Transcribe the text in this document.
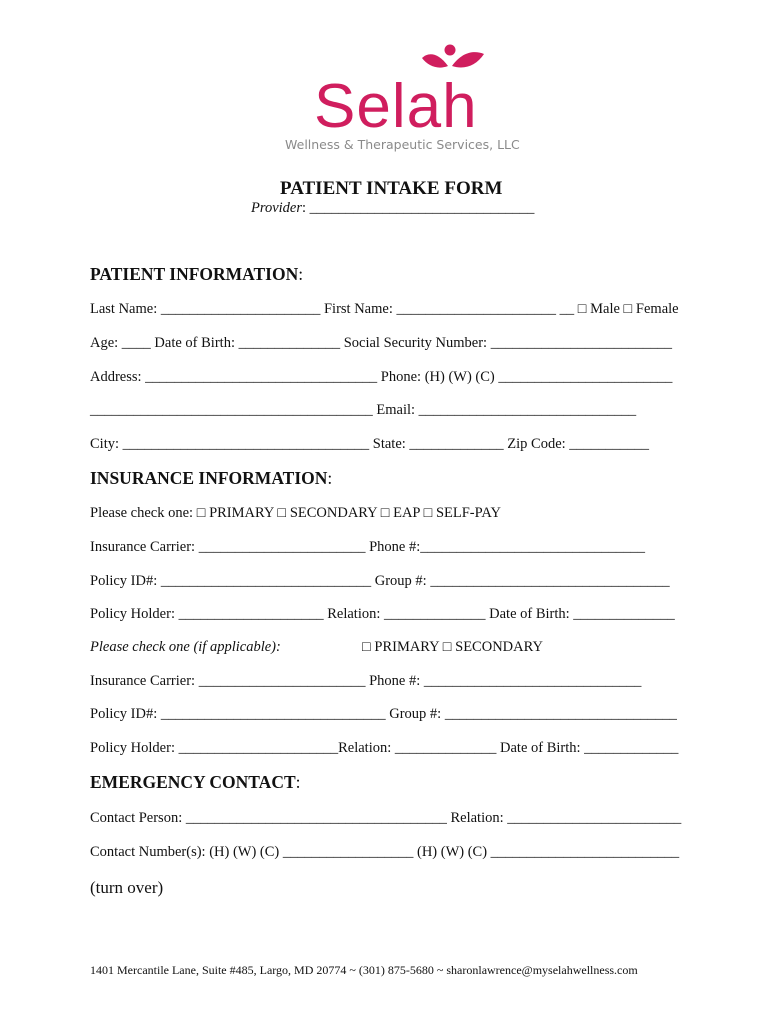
Selah
Wellness & Therapeutic Services, LLC
PATIENT INTAKE FORM
Provider: _______________________________
PATIENT INFORMATION:
Last Name: ______________________ First Name: ______________________ __ □ Male □ Female
Age: ____ Date of Birth: ______________ Social Security Number: _________________________
Address: ________________________________ Phone: (H) (W) (C) ________________________
_______________________________________ Email: ______________________________
City: __________________________________ State: _____________ Zip Code: ___________
INSURANCE INFORMATION:
Please check one: □ PRIMARY □ SECONDARY □ EAP □ SELF-PAY
Insurance Carrier: _______________________ Phone #:_______________________________
Policy ID#: _____________________________ Group #: _________________________________
Policy Holder: ____________________ Relation: ______________ Date of Birth: ______________
Please check one (if applicable):	□ PRIMARY □ SECONDARY
Insurance Carrier: _______________________ Phone #: ______________________________
Policy ID#: _______________________________ Group #: ________________________________
Policy Holder: ______________________Relation: ______________ Date of Birth: _____________
EMERGENCY CONTACT:
Contact Person: ____________________________________ Relation: ________________________
Contact Number(s): (H) (W) (C) __________________ (H) (W) (C) __________________________
(turn over)
1401 Mercantile Lane, Suite #485, Largo, MD 20774 ~ (301) 875-5680 ~ sharonlawrence@myselahwellness.com
